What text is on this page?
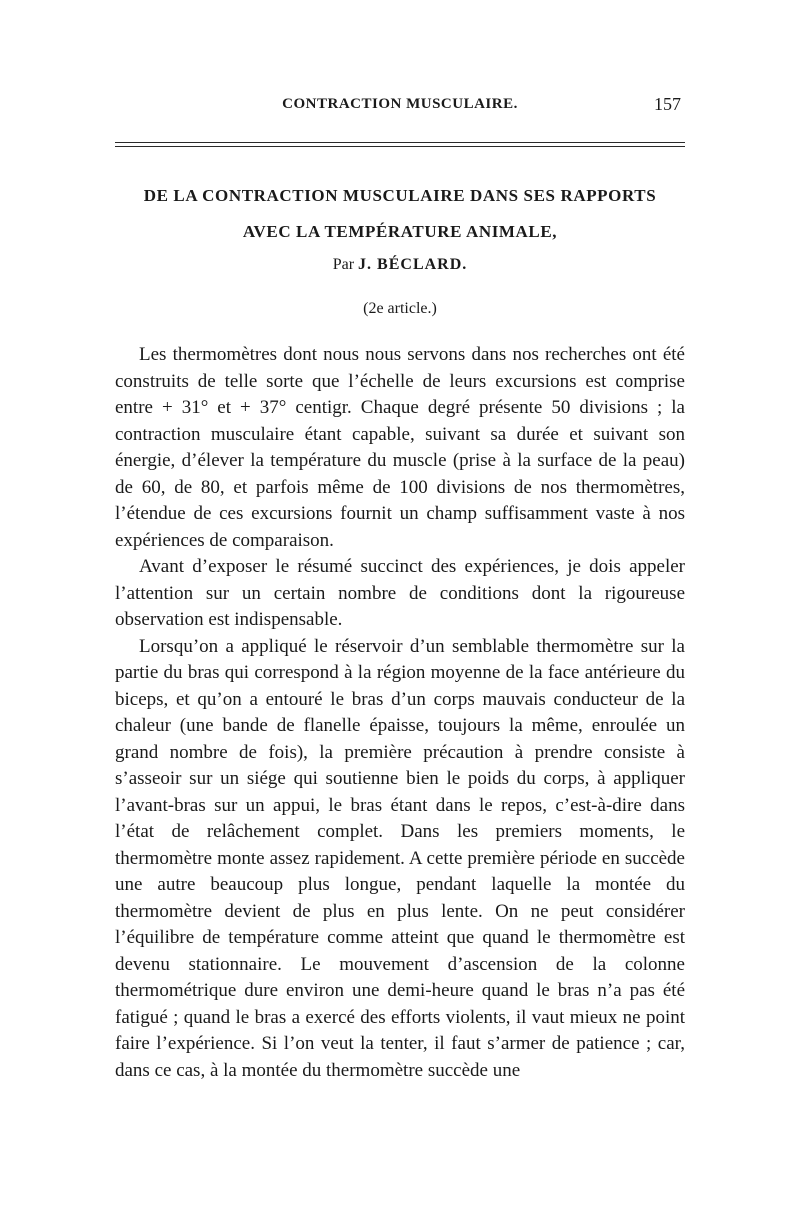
CONTRACTION MUSCULAIRE.	157
DE LA CONTRACTION MUSCULAIRE DANS SES RAPPORTS
AVEC LA TEMPÉRATURE ANIMALE,
Par J. BÉCLARD.
(2e article.)

Les thermomètres dont nous nous servons dans nos recherches ont été construits de telle sorte que l’échelle de leurs excursions est comprise entre + 31° et + 37° centigr. Chaque degré présente 50 divisions ; la contraction musculaire étant capable, suivant sa durée et suivant son énergie, d’élever la température du muscle (prise à la surface de la peau) de 60, de 80, et parfois même de 100 divisions de nos thermomètres, l’étendue de ces excursions fournit un champ suffisamment vaste à nos expériences de comparaison.

Avant d’exposer le résumé succinct des expériences, je dois appeler l’attention sur un certain nombre de conditions dont la rigoureuse observation est indispensable.

Lorsqu’on a appliqué le réservoir d’un semblable thermomètre sur la partie du bras qui correspond à la région moyenne de la face antérieure du biceps, et qu’on a entouré le bras d’un corps mauvais conducteur de la chaleur (une bande de flanelle épaisse, toujours la même, enroulée un grand nombre de fois), la première précaution à prendre consiste à s’asseoir sur un siége qui soutienne bien le poids du corps, à appliquer l’avant-bras sur un appui, le bras étant dans le repos, c’est-à-dire dans l’état de relâchement complet. Dans les premiers moments, le thermomètre monte assez rapidement. A cette première période en succède une autre beaucoup plus longue, pendant laquelle la montée du thermomètre devient de plus en plus lente. On ne peut considérer l’équilibre de température comme atteint que quand le thermomètre est devenu stationnaire. Le mouvement d’ascension de la colonne thermométrique dure environ une demi-heure quand le bras n’a pas été fatigué ; quand le bras a exercé des efforts violents, il vaut mieux ne point faire l’expérience. Si l’on veut la tenter, il faut s’armer de patience ; car, dans ce cas, à la montée du thermomètre succède une
